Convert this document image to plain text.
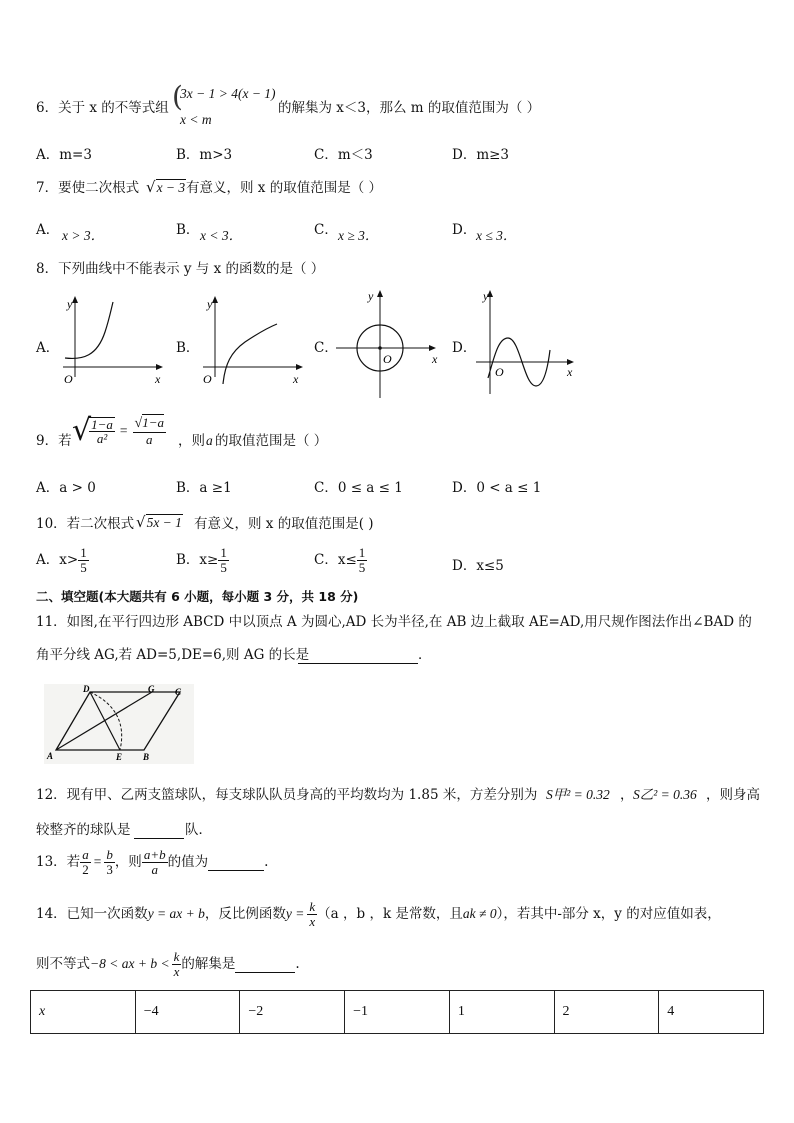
6．关于 x 的不等式组 (
3x − 1 > 4(x − 1)
x < m
的解集为 x＜3，那么 m 的取值范围为（ ）
A．m=3	B．m>3	C．m＜3	D．m≥3
7．要使二次根式 √x − 3 有意义，则 x 的取值范围是（ ）
A． x > 3．	B． x < 3．	C． x ≥ 3．	D． x ≤ 3．
8．下列曲线中不能表示 y 与 x 的函数的是（ ）
A．
y
x
O
B．
y
x
O
C．
y
x
O
D．
y
x
O
9．若 √
$\frac{1-a}{\text{a²}} = \frac{√1-a}{a}$ ，则 a 的取值范围是（ ）
A．a > 0	B．a ≥1	C．0 ≤ a ≤ 1	D．0 < a ≤ 1
10．若二次根式 √5x − 1 有意义，则 x 的取值范围是( )
A．$x> \frac{1}{5}$	B．$x\ge \frac{1}{5}$	C．$x\le \frac{1}{5}$	D．x≤5
二、填空题(本大题共有 6 小题，每小题 3 分，共 18 分)
11．如图,在平行四边形 ABCD 中以顶点 A 为圆心,AD 长为半径,在 AB 边上截取 AE=AD,用尺规作图法作出∠BAD 的
角平分线 AG,若 AD=5,DE=6,则 AG 的长是
	．
D	G C
A	E B
12．现有甲、乙两支篮球队，每支球队队员身高的平均数均为 1.85 米，方差分别为 S甲² = 0.32 ， S乙² = 0.36 ，则身高
较整齐的球队是
	队．
13．若 $\frac{a}{2} = \frac{b}{3}$ ，则 $\frac{a+b}{a}$ 的值为
	.
14．已知一次函数 y = ax + b ，反比例函数 $y = \frac{k}{x} (a$ ，b ，k 是常数，且 ak ≠ 0 ），若其中-部分 x，y 的对应值如表，
则不等式 −8 < ax + $b < \frac{k}{x}$ 的解集是
	.
x	−4	−2	−1	1	2	4
